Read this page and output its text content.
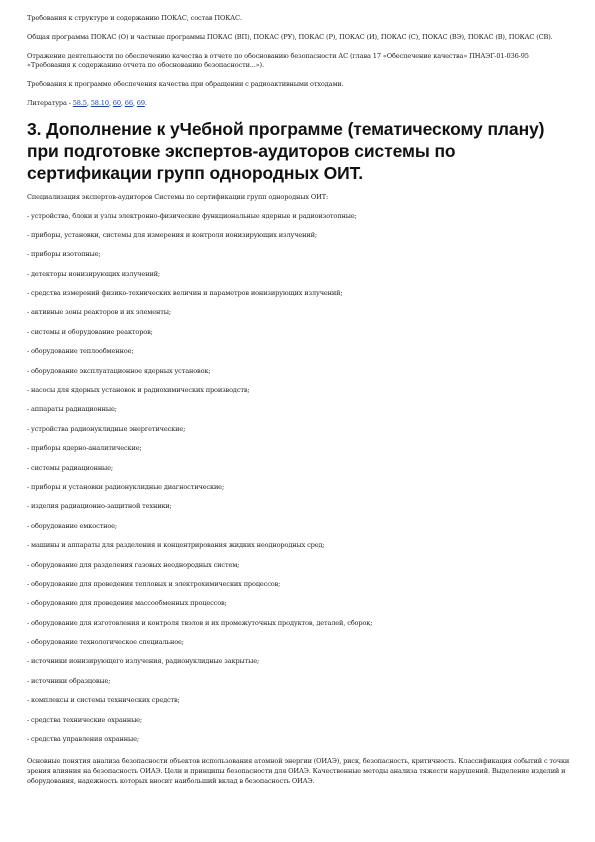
Требования к структуре и содержанию ПОКАС, состав ПОКАС.

Общая программа ПОКАС (О) и частные программы ПОКАС (ВП), ПОКАС (РУ), ПОКАС (Р), ПОКАС (И), ПОКАС (С), ПОКАС (ВЭ), ПОКАС (В), ПОКАС (СВ).

Отражение деятельности по обеспечению качества в отчете по обоснованию безопасности АС (глава 17 «Обеспечение качества» ПНАЭГ-01-036-95 «Требования к содержанию отчета по обоснованию безопасности...»).

Требования к программе обеспечения качества при обращении с радиоактивными отходами.

Литература - 58.5, 58.10, 60, 66, 69.

3. Дополнение к уЧебной программе (тематическому плану) при подготовке экспертов-аудиторов системы по сертификации групп однородных ОИТ.

Специализация экспертов-аудиторов Системы по сертификации групп однородных ОИТ:

- устройства, блоки и узлы электронно-физические функциональные ядерные и радиоизотопные;
- приборы, установки, системы для измерения и контроля ионизирующих излучений;
- приборы изотопные;
- детекторы ионизирующих излучений;
- средства измерений физико-технических величин и параметров ионизирующих излучений;
- активные зоны реакторов и их элементы;
- системы и оборудование реакторов;
- оборудование теплообменное;
- оборудование эксплуатационное ядерных установок;
- насосы для ядерных установок и радиохимических производств;
- аппараты радиационные;
- устройства радионуклидные энергетические;
- приборы ядерно-аналитические;
- системы радиационные;
- приборы и установки радионуклидные диагностические;
- изделия радиационно-защитной техники;
- оборудование емкостное;
- машины и аппараты для разделения и концентрирования жидких неоднородных сред;
- оборудование для разделения газовых неоднородных систем;
- оборудование для проведения тепловых и электрохимических процессов;
- оборудование для проведения массообменных процессов;
- оборудование для изготовления и контроля твэлов и их промежуточных продуктов, деталей, сборок;
- оборудование технологическое специальное;
- источники ионизирующего излучения, радионуклидные закрытые;
- источники образцовые;
- комплексы и системы технических средств;
- средства технические охранные;
- средства управления охранные;

Основные понятия анализа безопасности объектов использования атомной энергии (ОИАЭ), риск, безопасность, критичность. Классификация событий с точки зрения влияния на безопасность ОИАЭ. Цели и принципы безопасности для ОИАЭ. Качественные методы анализа тяжести нарушений. Выделение изделий и оборудования, надежность которых вносит наибольший вклад в безопасность ОИАЭ.
